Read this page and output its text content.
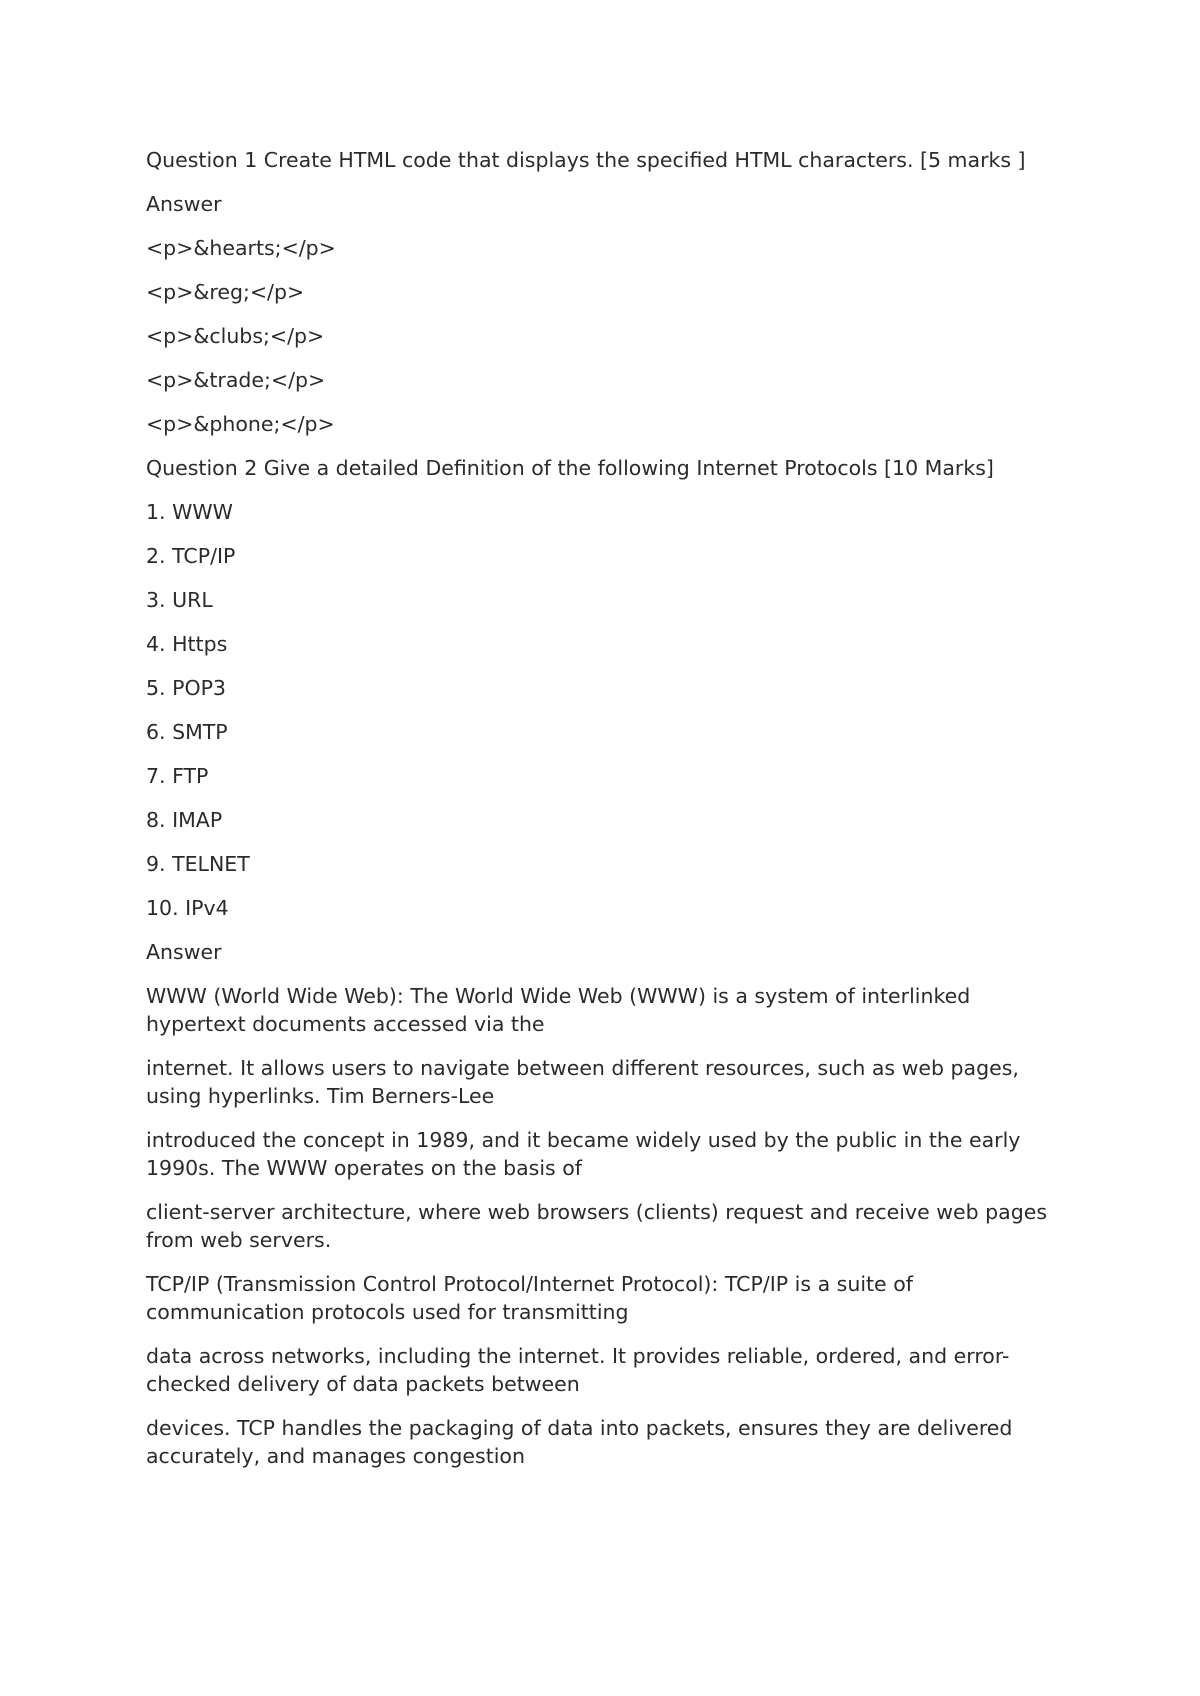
Question 1 Create HTML code that displays the specified HTML characters. [5 marks ]

Answer

<p>&hearts;</p>

<p>&reg;</p>

<p>&clubs;</p>

<p>&trade;</p>

<p>&phone;</p>

Question 2 Give a detailed Definition of the following Internet Protocols [10 Marks]

1. WWW

2. TCP/IP

3. URL

4. Https

5. POP3

6. SMTP

7. FTP

8. IMAP

9. TELNET

10. IPv4

Answer

WWW (World Wide Web): The World Wide Web (WWW) is a system of interlinked hypertext documents accessed via the

internet. It allows users to navigate between different resources, such as web pages, using hyperlinks. Tim Berners-Lee

introduced the concept in 1989, and it became widely used by the public in the early 1990s. The WWW operates on the basis of

client-server architecture, where web browsers (clients) request and receive web pages from web servers.

TCP/IP (Transmission Control Protocol/Internet Protocol): TCP/IP is a suite of communication protocols used for transmitting

data across networks, including the internet. It provides reliable, ordered, and error-checked delivery of data packets between

devices. TCP handles the packaging of data into packets, ensures they are delivered accurately, and manages congestion
